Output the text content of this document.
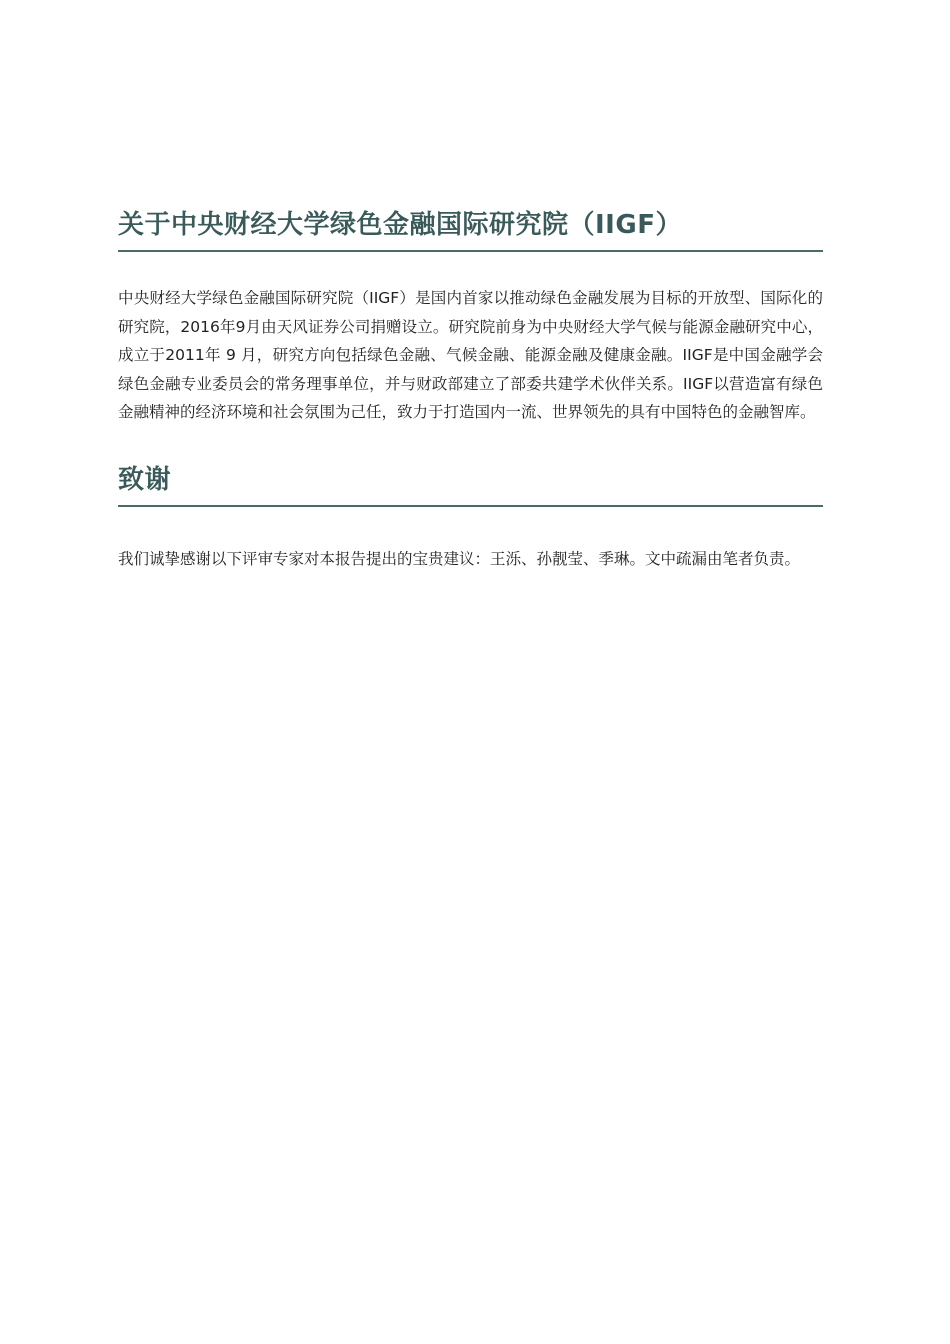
关于中央财经大学绿色金融国际研究院（IIGF）

中央财经大学绿色金融国际研究院（IIGF）是国内首家以推动绿色金融发展为目标的开放型、国际化的研究院，2016年9月由天风证券公司捐赠设立。研究院前身为中央财经大学气候与能源金融研究中心，成立于2011年 9 月，研究方向包括绿色金融、气候金融、能源金融及健康金融。IIGF是中国金融学会绿色金融专业委员会的常务理事单位，并与财政部建立了部委共建学术伙伴关系。IIGF以营造富有绿色金融精神的经济环境和社会氛围为己任，致力于打造国内一流、世界领先的具有中国特色的金融智库。

致谢

我们诚挚感谢以下评审专家对本报告提出的宝贵建议：王泺、孙靓莹、季琳。文中疏漏由笔者负责。
